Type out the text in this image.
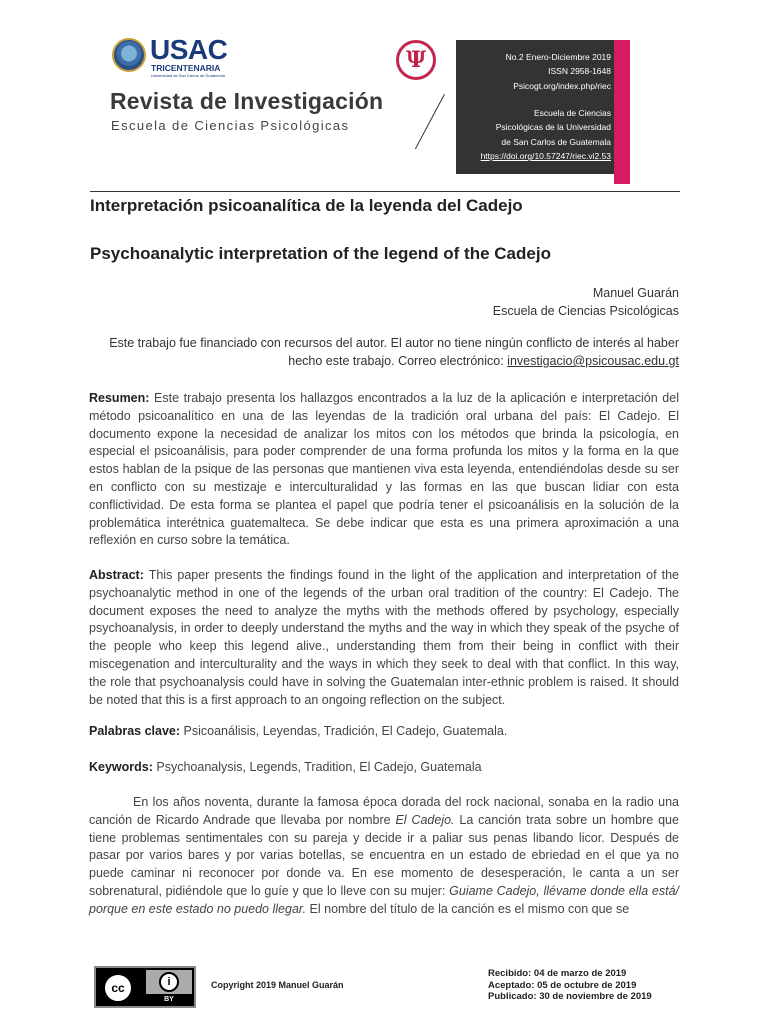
USAC
TRICENTENARIA
Universidad de San Carlos de Guatemala
Revista de Investigación
Escuela de Ciencias Psicológicas
Ψ	No.2 Enero-Diciembre 2019
ISSN 2958-1648
Psicogt.org/index.php/riec
Escuela de Ciencias
Psicológicas de la Universidad
de San Carlos de Guatemala
https://doi.org/10.57247/riec.vi2.53
Interpretación psicoanalítica de la leyenda del Cadejo
Psychoanalytic interpretation of the legend of the Cadejo
Manuel Guarán
Escuela de Ciencias Psicológicas
Este trabajo fue financiado con recursos del autor. El autor no tiene ningún conflicto de interés al haber hecho este trabajo. Correo electrónico: investigacio@psicousac.edu.gt
Resumen: Este trabajo presenta los hallazgos encontrados a la luz de la aplicación e interpretación del método psicoanalítico en una de las leyendas de la tradición oral urbana del país: El Cadejo. El documento expone la necesidad de analizar los mitos con los métodos que brinda la psicología, en especial el psicoanálisis, para poder comprender de una forma profunda los mitos y la forma en la que estos hablan de la psique de las personas que mantienen viva esta leyenda, entendiéndolas desde su ser en conflicto con su mestizaje e interculturalidad y las formas en las que buscan lidiar con esta conflictividad. De esta forma se plantea el papel que podría tener el psicoanálisis en la solución de la problemática interétnica guatemalteca. Se debe indicar que esta es una primera aproximación a una reflexión en curso sobre la temática.
Abstract: This paper presents the findings found in the light of the application and interpretation of the psychoanalytic method in one of the legends of the urban oral tradition of the country: El Cadejo. The document exposes the need to analyze the myths with the methods offered by psychology, especially psychoanalysis, in order to deeply understand the myths and the way in which they speak of the psyche of the people who keep this legend alive., understanding them from their being in conflict with their miscegenation and interculturality and the ways in which they seek to deal with that conflict. In this way, the role that psychoanalysis could have in solving the Guatemalan inter-ethnic problem is raised. It should be noted that this is a first approach to an ongoing reflection on the subject.
Palabras clave: Psicoanálisis, Leyendas, Tradición, El Cadejo, Guatemala.
Keywords: Psychoanalysis, Legends, Tradition, El Cadejo, Guatemala
En los años noventa, durante la famosa época dorada del rock nacional, sonaba en la radio una canción de Ricardo Andrade que llevaba por nombre El Cadejo. La canción trata sobre un hombre que tiene problemas sentimentales con su pareja y decide ir a paliar sus penas libando licor. Después de pasar por varios bares y por varias botellas, se encuentra en un estado de ebriedad en el que ya no puede caminar ni reconocer por donde va. En ese momento de desesperación, le canta a un ser sobrenatural, pidiéndole que lo guíe y que lo lleve con su mujer: Guiame Cadejo, llévame donde ella está/ porque en este estado no puedo llegar. El nombre del título de la canción es el mismo con que se
cc	i
BY
Copyright 2019 Manuel Guarán
Recibido: 04 de marzo de 2019
Aceptado: 05 de octubre de 2019
Publicado: 30 de noviembre de 2019
